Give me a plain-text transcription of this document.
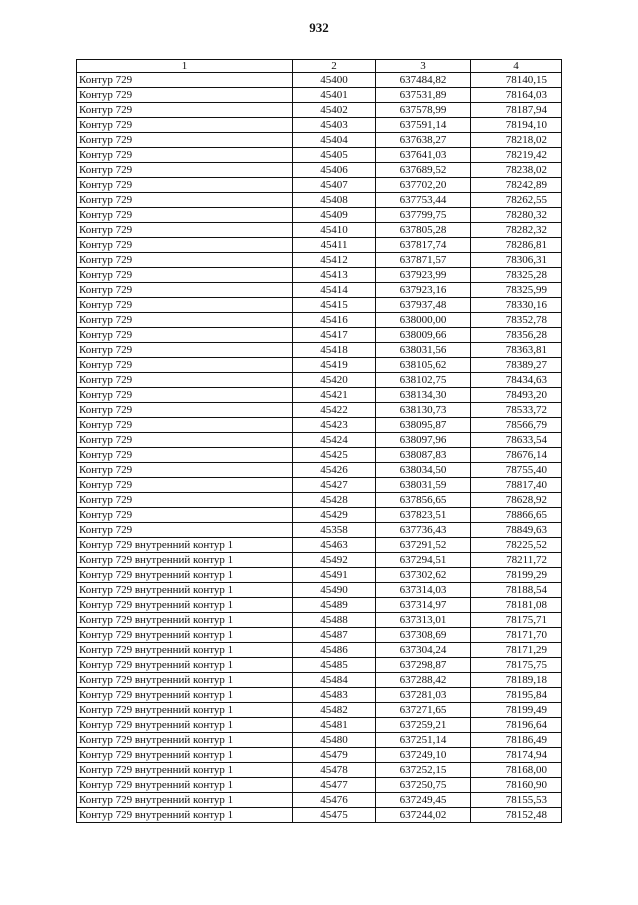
932
1	2	3	4
Контур 729	45400	637484,82	78140,15
Контур 729	45401	637531,89	78164,03
Контур 729	45402	637578,99	78187,94
Контур 729	45403	637591,14	78194,10
Контур 729	45404	637638,27	78218,02
Контур 729	45405	637641,03	78219,42
Контур 729	45406	637689,52	78238,02
Контур 729	45407	637702,20	78242,89
Контур 729	45408	637753,44	78262,55
Контур 729	45409	637799,75	78280,32
Контур 729	45410	637805,28	78282,32
Контур 729	45411	637817,74	78286,81
Контур 729	45412	637871,57	78306,31
Контур 729	45413	637923,99	78325,28
Контур 729	45414	637923,16	78325,99
Контур 729	45415	637937,48	78330,16
Контур 729	45416	638000,00	78352,78
Контур 729	45417	638009,66	78356,28
Контур 729	45418	638031,56	78363,81
Контур 729	45419	638105,62	78389,27
Контур 729	45420	638102,75	78434,63
Контур 729	45421	638134,30	78493,20
Контур 729	45422	638130,73	78533,72
Контур 729	45423	638095,87	78566,79
Контур 729	45424	638097,96	78633,54
Контур 729	45425	638087,83	78676,14
Контур 729	45426	638034,50	78755,40
Контур 729	45427	638031,59	78817,40
Контур 729	45428	637856,65	78628,92
Контур 729	45429	637823,51	78866,65
Контур 729	45358	637736,43	78849,63
Контур 729 внутренний контур 1	45463	637291,52	78225,52
Контур 729 внутренний контур 1	45492	637294,51	78211,72
Контур 729 внутренний контур 1	45491	637302,62	78199,29
Контур 729 внутренний контур 1	45490	637314,03	78188,54
Контур 729 внутренний контур 1	45489	637314,97	78181,08
Контур 729 внутренний контур 1	45488	637313,01	78175,71
Контур 729 внутренний контур 1	45487	637308,69	78171,70
Контур 729 внутренний контур 1	45486	637304,24	78171,29
Контур 729 внутренний контур 1	45485	637298,87	78175,75
Контур 729 внутренний контур 1	45484	637288,42	78189,18
Контур 729 внутренний контур 1	45483	637281,03	78195,84
Контур 729 внутренний контур 1	45482	637271,65	78199,49
Контур 729 внутренний контур 1	45481	637259,21	78196,64
Контур 729 внутренний контур 1	45480	637251,14	78186,49
Контур 729 внутренний контур 1	45479	637249,10	78174,94
Контур 729 внутренний контур 1	45478	637252,15	78168,00
Контур 729 внутренний контур 1	45477	637250,75	78160,90
Контур 729 внутренний контур 1	45476	637249,45	78155,53
Контур 729 внутренний контур 1	45475	637244,02	78152,48
